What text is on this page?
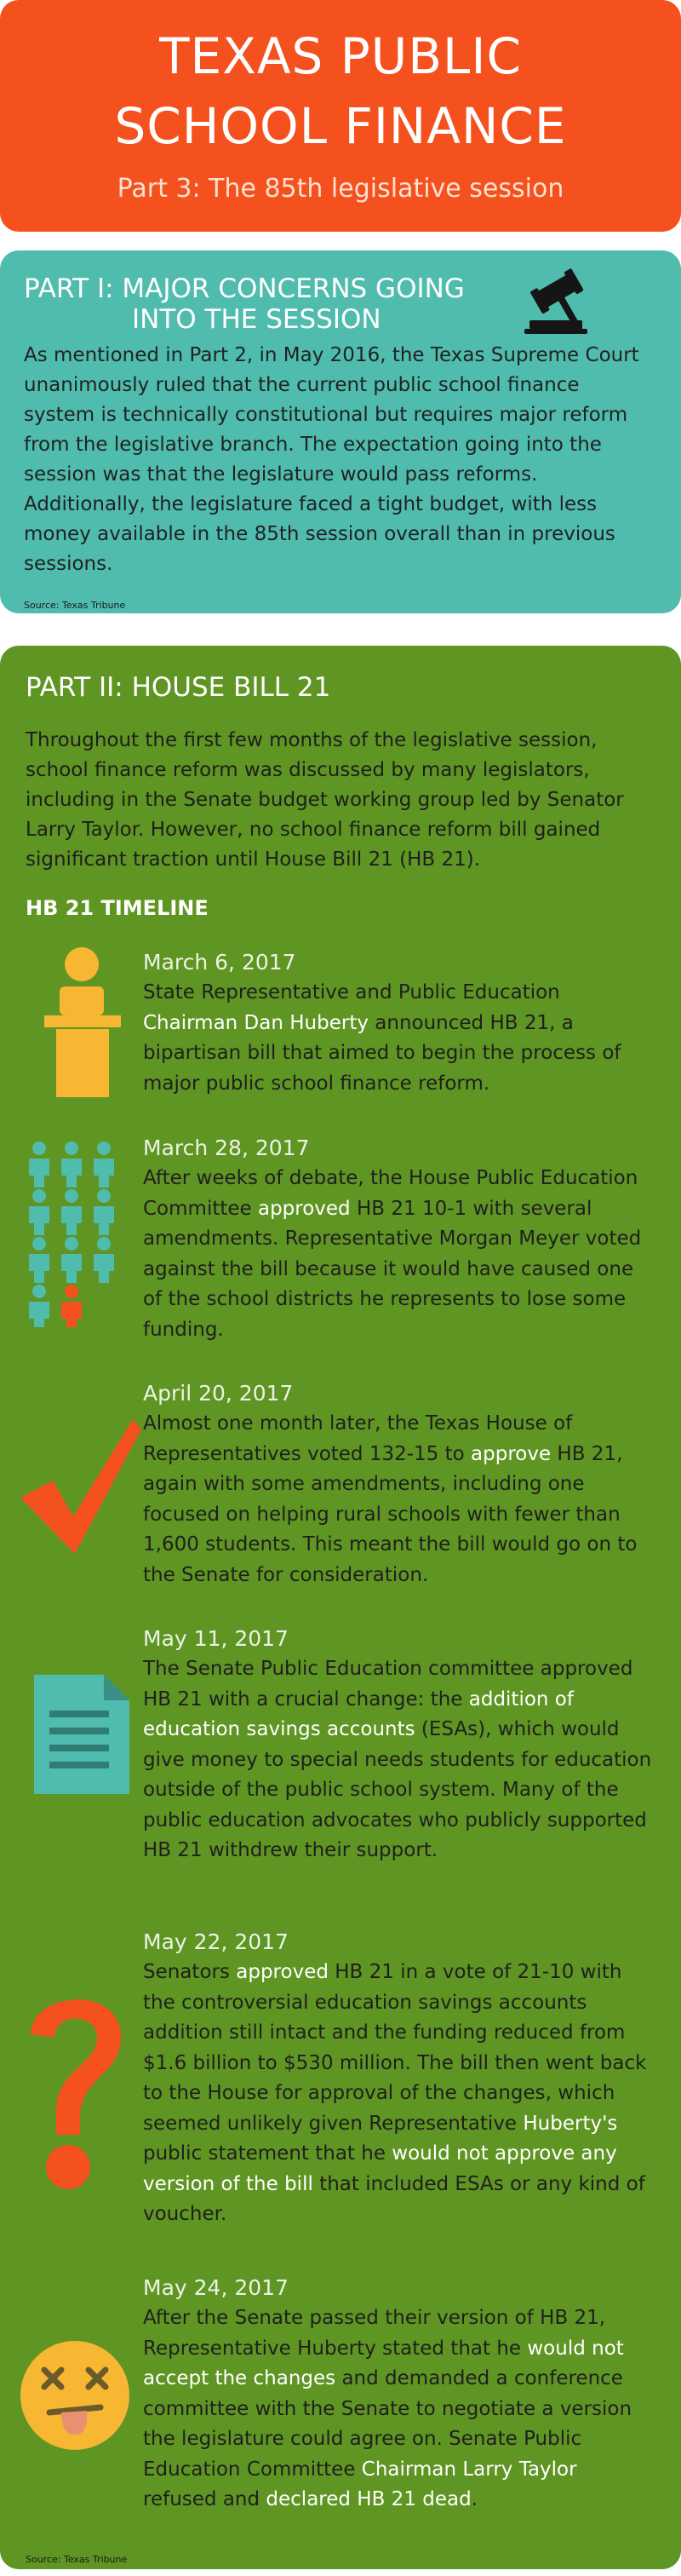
TEXAS PUBLIC
SCHOOL FINANCE
Part 3: The 85th legislative session
PART I: MAJOR CONCERNS GOING
INTO THE SESSION
As mentioned in Part 2, in May 2016, the Texas Supreme Court unanimously ruled that the current public school finance system is technically constitutional but requires major reform from the legislative branch. The expectation going into the session was that the legislature would pass reforms. Additionally, the legislature faced a tight budget, with less money available in the 85th session overall than in previous sessions.
Source: Texas Tribune
PART II: HOUSE BILL 21
Throughout the first few months of the legislative session, school finance reform was discussed by many legislators, including in the Senate budget working group led by Senator Larry Taylor. However, no school finance reform bill gained significant traction until House Bill 21 (HB 21).
HB 21 TIMELINE
March 6, 2017
State Representative and Public Education Chairman Dan Huberty announced HB 21, a bipartisan bill that aimed to begin the process of major public school finance reform.
March 28, 2017
After weeks of debate, the House Public Education Committee approved HB 21 10-1 with several amendments. Representative Morgan Meyer voted against the bill because it would have caused one of the school districts he represents to lose some funding.
April 20, 2017
Almost one month later, the Texas House of Representatives voted 132-15 to approve HB 21, again with some amendments, including one focused on helping rural schools with fewer than 1,600 students. This meant the bill would go on to the Senate for consideration.
May 11, 2017
The Senate Public Education committee approved HB 21 with a crucial change: the addition of education savings accounts (ESAs), which would give money to special needs students for education outside of the public school system. Many of the public education advocates who publicly supported HB 21 withdrew their support.
May 22, 2017
Senators approved HB 21 in a vote of 21-10 with the controversial education savings accounts addition still intact and the funding reduced from $1.6 billion to $530 million. The bill then went back to the House for approval of the changes, which seemed unlikely given Representative Huberty's public statement that he would not approve any version of the bill that included ESAs or any kind of voucher.
May 24, 2017
After the Senate passed their version of HB 21, Representative Huberty stated that he would not accept the changes and demanded a conference committee with the Senate to negotiate a version the legislature could agree on. Senate Public Education Committee Chairman Larry Taylor refused and declared HB 21 dead.
Source: Texas Tribune
